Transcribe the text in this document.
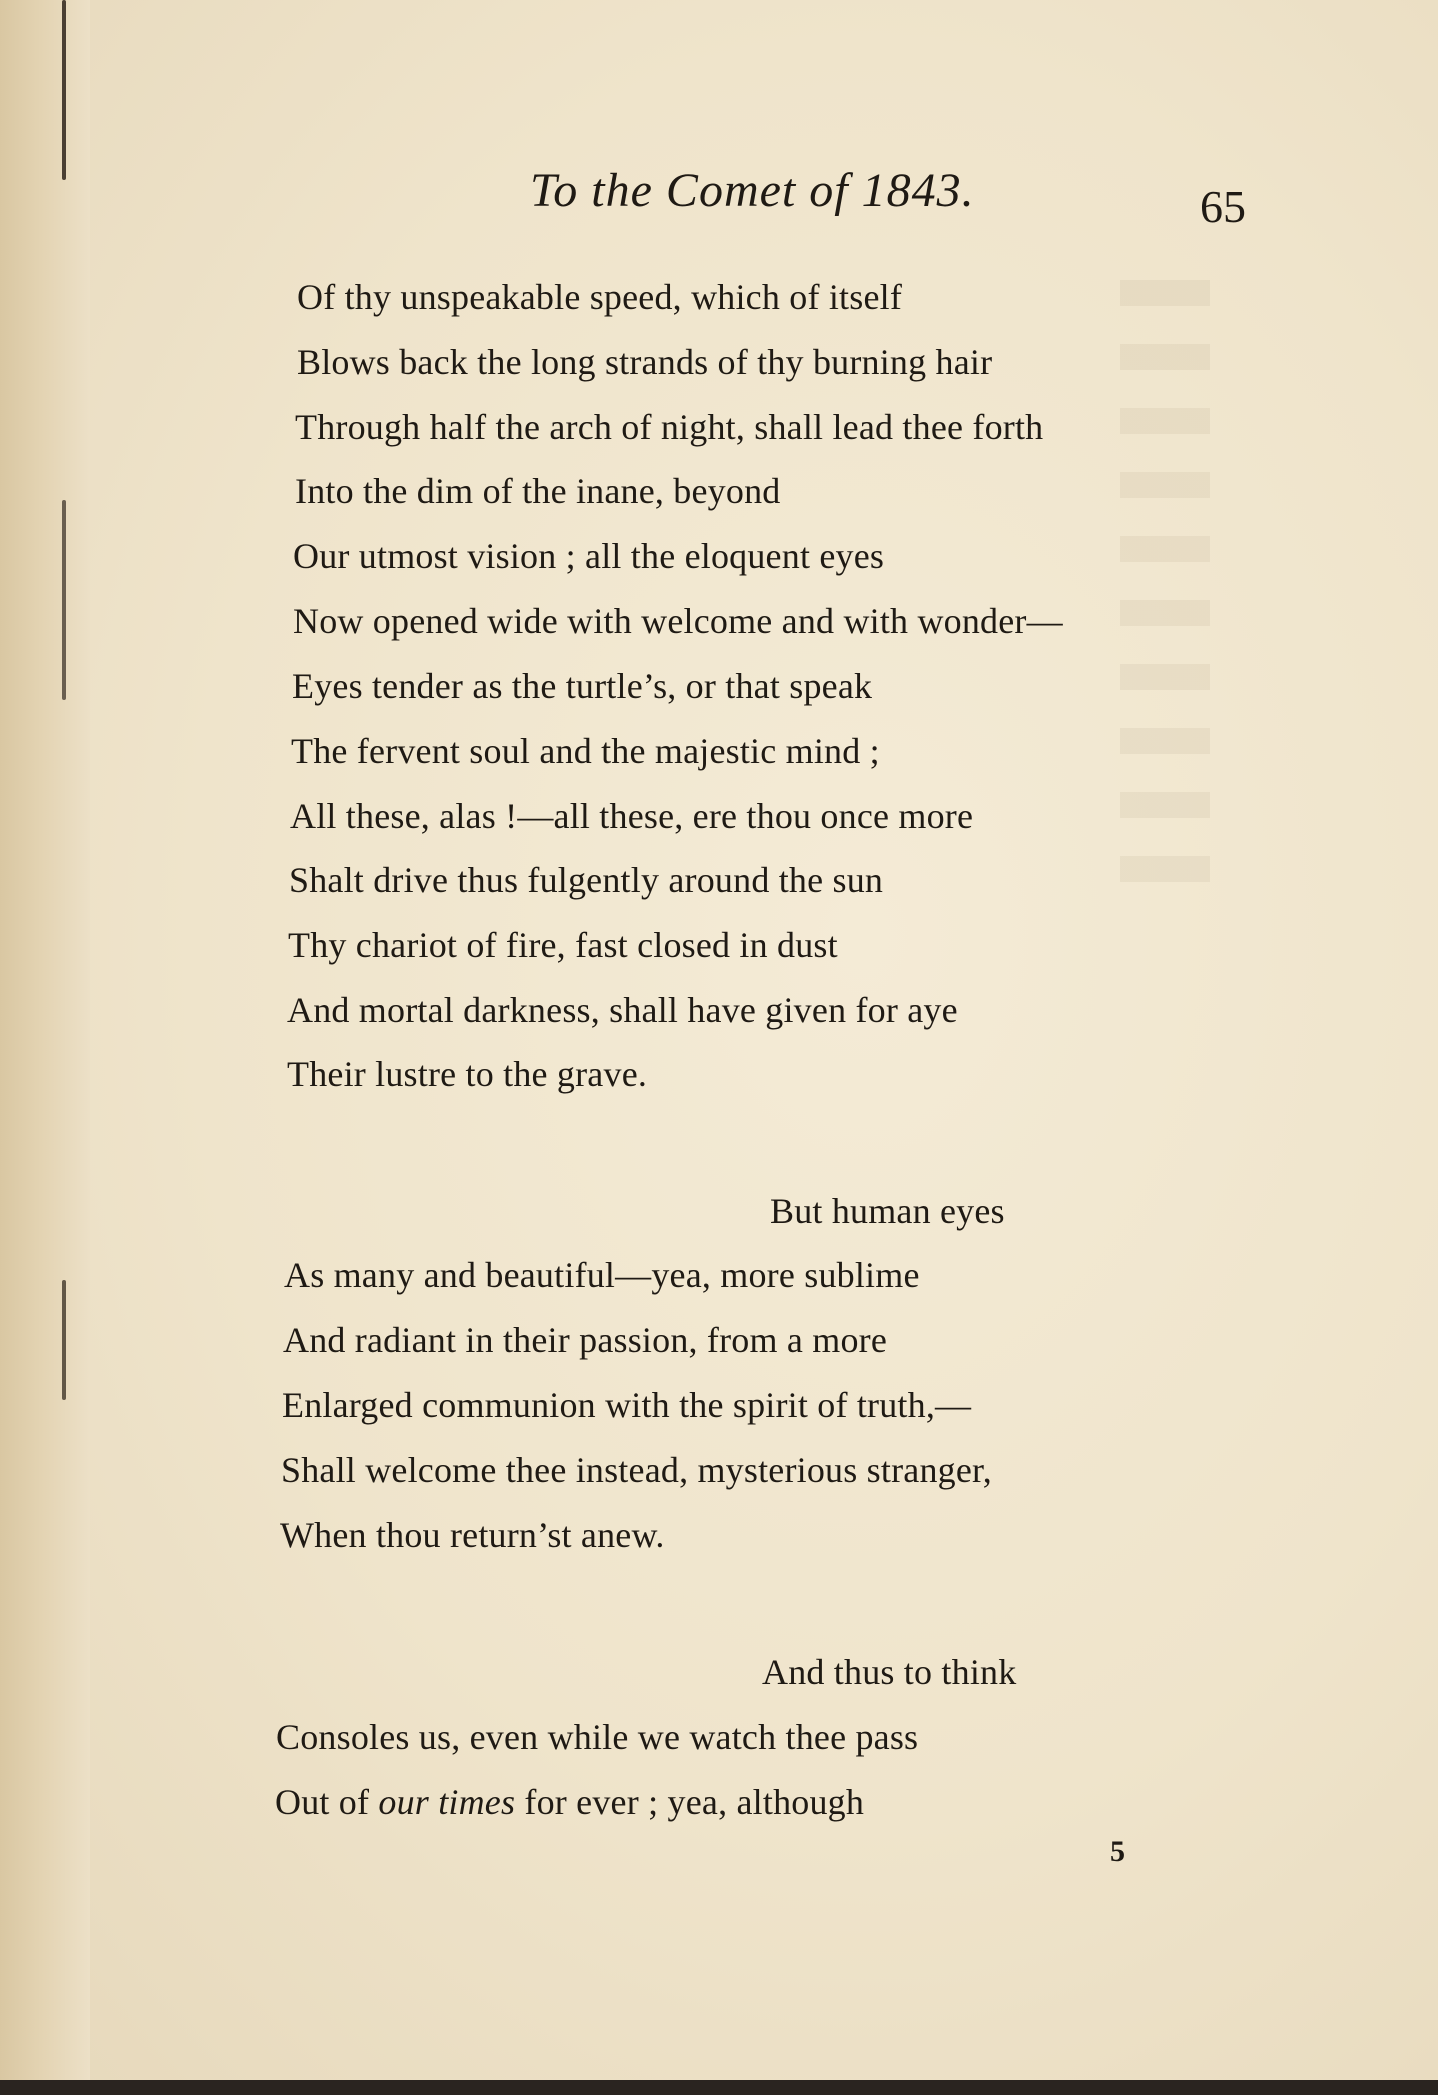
To the Comet of 1843.	65
Of thy unspeakable speed, which of itself
Blows back the long strands of thy burning hair
Through half the arch of night, shall lead thee forth
Into the dim of the inane, beyond
Our utmost vision ; all the eloquent eyes
Now opened wide with welcome and with wonder—
Eyes tender as the turtle’s, or that speak
The fervent soul and the majestic mind ;
All these, alas !—all these, ere thou once more
Shalt drive thus fulgently around the sun
Thy chariot of fire, fast closed in dust
And mortal darkness, shall have given for aye
Their lustre to the grave.
But human eyes
As many and beautiful—yea, more sublime
And radiant in their passion, from a more
Enlarged communion with the spirit of truth,—
Shall welcome thee instead, mysterious stranger,
When thou return’st anew.
And thus to think
Consoles us, even while we watch thee pass
Out of our times for ever ; yea, although
5
